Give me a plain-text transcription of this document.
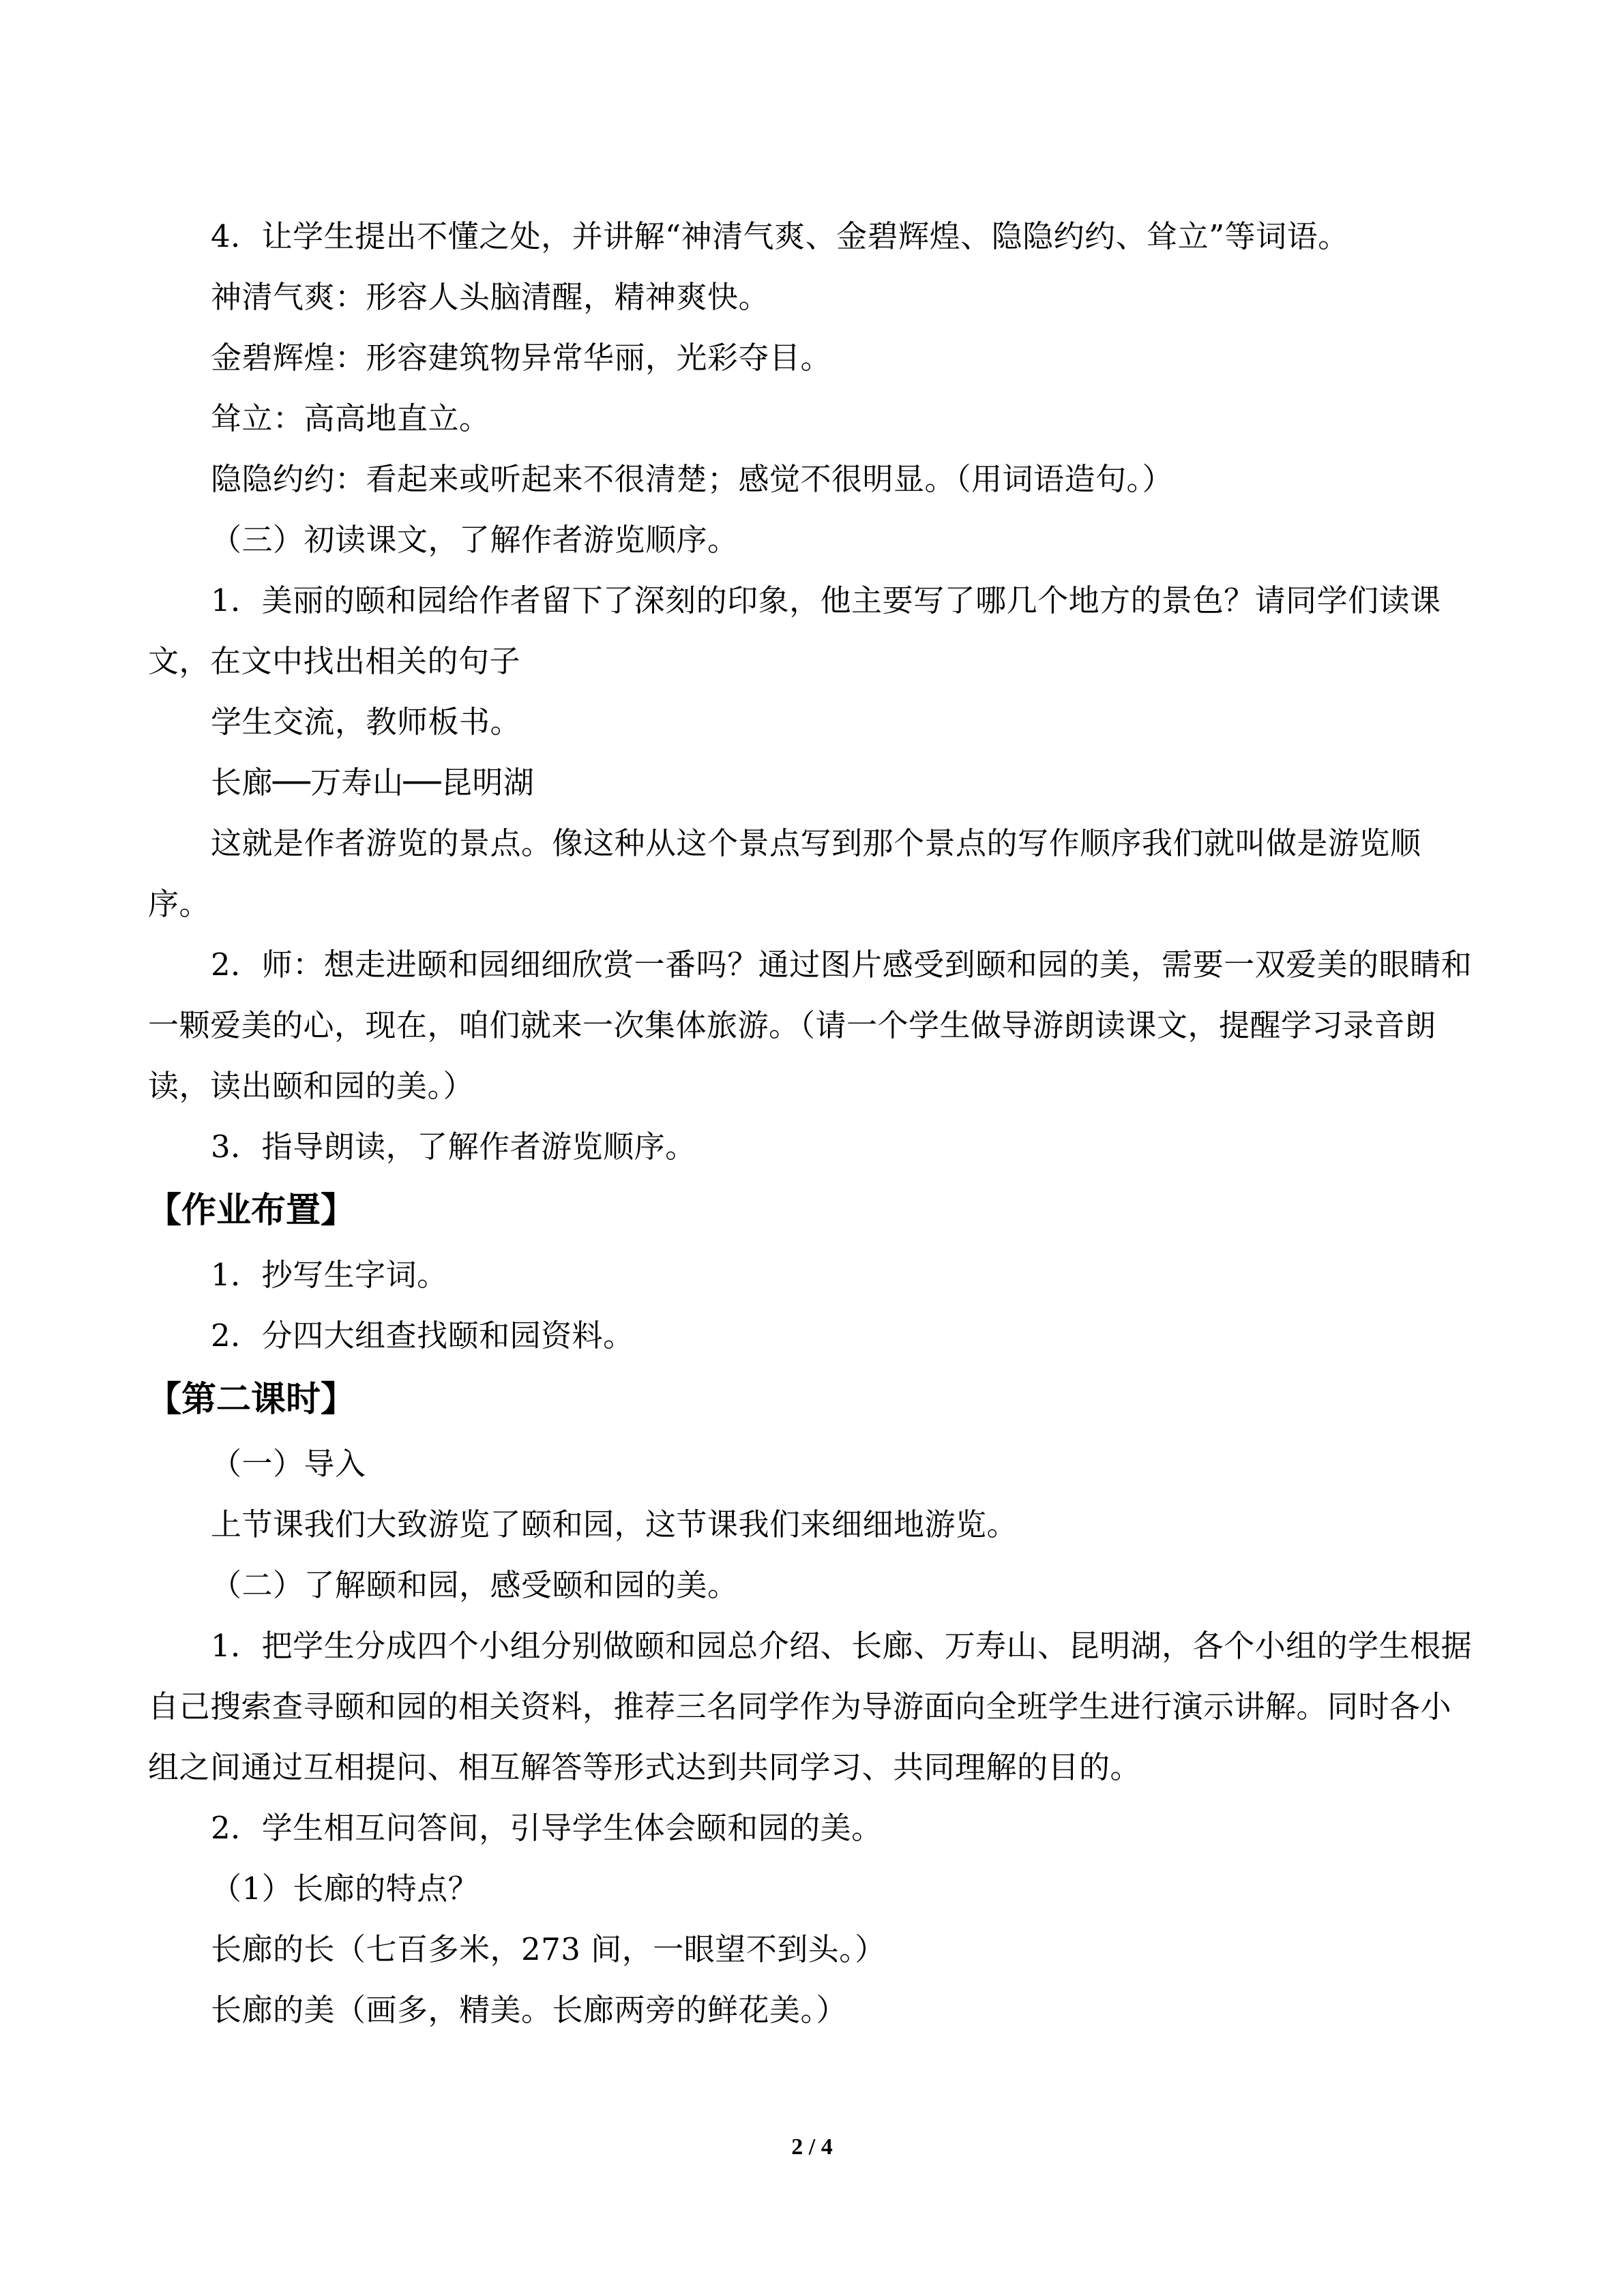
4．让学生提出不懂之处，并讲解“神清气爽、金碧辉煌、隐隐约约、耸立”等词语。
神清气爽：形容人头脑清醒，精神爽快。
金碧辉煌：形容建筑物异常华丽，光彩夺目。
耸立：高高地直立。
隐隐约约：看起来或听起来不很清楚；感觉不很明显。（用词语造句。）
（三）初读课文，了解作者游览顺序。
1．美丽的颐和园给作者留下了深刻的印象，他主要写了哪几个地方的景色？请同学们读课文，在文中找出相关的句子
学生交流，教师板书。
长廊──万寿山──昆明湖
这就是作者游览的景点。像这种从这个景点写到那个景点的写作顺序我们就叫做是游览顺序。
2．师：想走进颐和园细细欣赏一番吗？通过图片感受到颐和园的美，需要一双爱美的眼睛和一颗爱美的心，现在，咱们就来一次集体旅游。（请一个学生做导游朗读课文，提醒学习录音朗读，读出颐和园的美。）
3．指导朗读，了解作者游览顺序。
【作业布置】
1．抄写生字词。
2．分四大组查找颐和园资料。
【第二课时】
（一）导入
上节课我们大致游览了颐和园，这节课我们来细细地游览。
（二）了解颐和园，感受颐和园的美。
1．把学生分成四个小组分别做颐和园总介绍、长廊、万寿山、昆明湖，各个小组的学生根据自己搜索查寻颐和园的相关资料，推荐三名同学作为导游面向全班学生进行演示讲解。同时各小组之间通过互相提问、相互解答等形式达到共同学习、共同理解的目的。
2．学生相互问答间，引导学生体会颐和园的美。
（1）长廊的特点？
长廊的长（七百多米，273 间，一眼望不到头。）
长廊的美（画多，精美。长廊两旁的鲜花美。）
2 / 4
